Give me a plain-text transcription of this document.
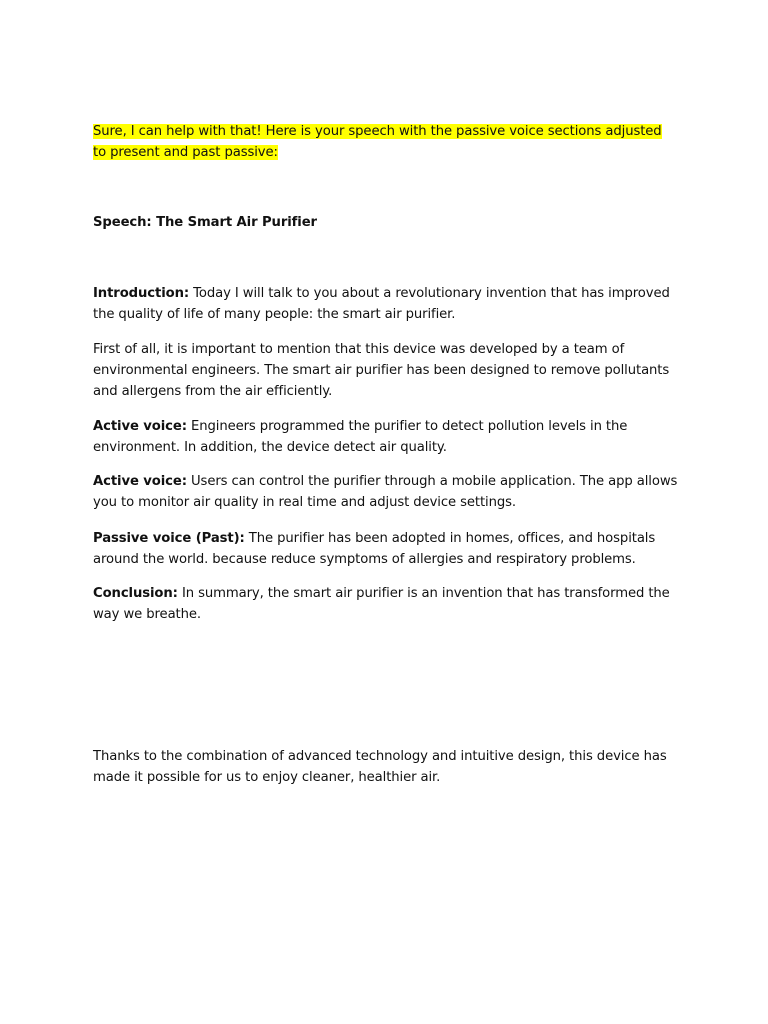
Sure, I can help with that! Here is your speech with the passive voice sections adjusted to present and past passive:
Speech: The Smart Air Purifier
Introduction: Today I will talk to you about a revolutionary invention that has improved the quality of life of many people: the smart air purifier.
First of all, it is important to mention that this device was developed by a team of environmental engineers. The smart air purifier has been designed to remove pollutants and allergens from the air efficiently.
Active voice: Engineers programmed the purifier to detect pollution levels in the environment. In addition, the device detect air quality.
Active voice: Users can control the purifier through a mobile application. The app allows you to monitor air quality in real time and adjust device settings.
Passive voice (Past): The purifier has been adopted in homes, offices, and hospitals around the world. because reduce symptoms of allergies and respiratory problems.
Conclusion: In summary, the smart air purifier is an invention that has transformed the way we breathe.
Thanks to the combination of advanced technology and intuitive design, this device has made it possible for us to enjoy cleaner, healthier air.
